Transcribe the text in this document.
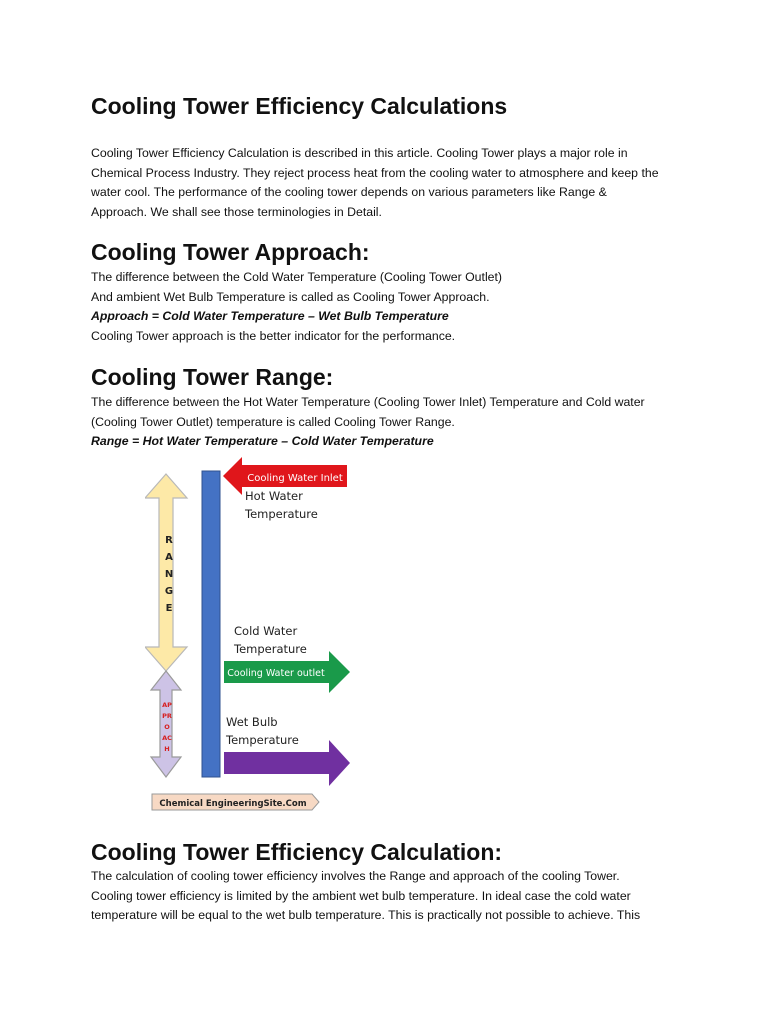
Cooling Tower Efficiency Calculations
Cooling Tower Efficiency Calculation is described in this article. Cooling Tower plays a major role in
Chemical Process Industry. They reject process heat from the cooling water to atmosphere and keep the
water cool. The performance of the cooling tower depends on various parameters like Range &
Approach. We shall see those terminologies in Detail.
Cooling Tower Approach:
The difference between the Cold Water Temperature (Cooling Tower Outlet)
And ambient Wet Bulb Temperature is called as Cooling Tower Approach.
Approach = Cold Water Temperature – Wet Bulb Temperature
Cooling Tower approach is the better indicator for the performance.
Cooling Tower Range:
The difference between the Hot Water Temperature (Cooling Tower Inlet) Temperature and Cold water
(Cooling Tower Outlet) temperature is called Cooling Tower Range.
Range = Hot Water Temperature – Cold Water Temperature
R
A
N
G
E
AP
PR
O
AC
H
Cooling Water Inlet
Hot Water
Temperature
Cold Water
Temperature
Cooling Water outlet
Wet Bulb
Temperature
Chemical EngineeringSite.Com
Cooling Tower Efficiency Calculation:
The calculation of cooling tower efficiency involves the Range and approach of the cooling Tower.
Cooling tower efficiency is limited by the ambient wet bulb temperature. In ideal case the cold water
temperature will be equal to the wet bulb temperature. This is practically not possible to achieve. This
